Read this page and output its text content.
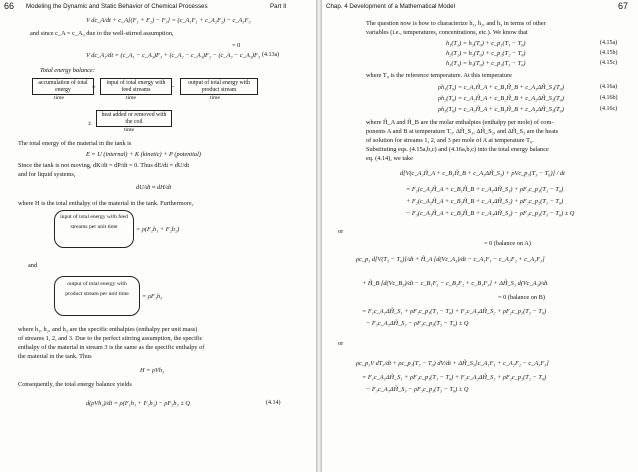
66 Modeling the Dynamic and Static Behavior of Chemical Processes	Part II
V dc_A/dt + c_A[(F₁ + F₂) − F₃] = (c_A₁F₁ + c_A₂F₂) − c_A₃F₃
and since c_A = c_A₃ due to the well-stirred assumption,
= 0
V dc_A₃/dt = (c_A₁ − c_A₃)F₁ + (c_A₂ − c_A₃)F₂ − (c_A₃ − c_A₃)F₃ (4.13a)
Total energy balance:
accumulation of total energy
time
=
input of total energy with feed streams
time
−
output of total energy with product stream
time
±
heat added or removed with the coil
time
The total energy of the material in the tank is
E = U (internal) + K (kinetic) + P (potential)
Since the tank is not moving, dK/dt = dP/dt = 0. Thus dE/dt = dU/dt
and for liquid systems,
dU/dt ≈ dH/dt
where H is the total enthalpy of the material in the tank. Furthermore,
input of total energy with feed streams per unit time	= ρ(F₁h₁ + F₂h₂)
and
output of total energy with product stream per unit time	= ρF₃h₃
where h₁, h₂, and h₃ are the specific enthalpies (enthalpy per unit mass)
of streams 1, 2, and 3. Due to the perfect stirring assumption, the specific
enthalpy of the material in stream 3 is the same as the specific enthalpy of
the material in the tank. Thus
H = ρVh₃
Consequently, the total energy balance yields
d(ρVh₃)/dt = ρ(F₁h₁ + F₂h₂) − ρF₃h₃ ± Q	(4.14)
Chap. 4 Development of a Mathematical Model	67
The question now is how to characterize h₁, h₂, and h₃ in terms of other
variables (i.e., temperatures, concentrations, etc.). We know that
h₁(T₁) = h₁(T₀) + c_p₁(T₁ − T₀)
h₂(T₂) = h₂(T₀) + c_p₂(T₂ − T₀)
h₃(T₃) = h₃(T₀) + c_p₃(T₃ − T₀)
(4.15a)
(4.15b)
(4.15c)
where T₀ is the reference temperature. At this temperature
ρh₁(T₀) = c_A₁H̃_A + c_B₁H̃_B + c_A₁ΔH̃_S₁(T₀)
ρh₂(T₀) = c_A₂H̃_A + c_B₂H̃_B + c_A₂ΔH̃_S₂(T₀)
ρh₃(T₀) = c_A₃H̃_A + c_B₃H̃_B + c_A₃ΔH̃_S₃(T₀)
(4.16a)
(4.16b)
(4.16c)
where H̃_A and H̃_B are the molar enthalpies (enthalpy per mole) of com-
ponents A and B at temperature T₀. ΔH̃_S₁, ΔH̃_S₂, and ΔH̃_S₃ are the heats
of solution for streams 1, 2, and 3 per mole of A at temperature T₀.
Substituting eqs. (4.15a,b,c) and (4.16a,b,c) into the total energy balance
eq. (4.14), we take
d[V(c_A₃H̃_A + c_B₃H̃_B + c_A₃ΔH̃_S₃) + ρVc_p₃(T₃ − T₀)] / dt
= F₁(c_A₁H̃_A + c_B₁H̃_B + c_A₁ΔH̃_S₁) + ρF₁c_p₁(T₁ − T₀)
+ F₂(c_A₂H̃_A + c_B₂H̃_B + c_A₂ΔH̃_S₂) + ρF₂c_p₂(T₂ − T₀)
− F₃(c_A₃H̃_A + c_B₃H̃_B + c_A₃ΔH̃_S₃) − ρF₃c_p₃(T₃ − T₀) ± Q
or
= 0 (balance on A)
ρc_p₃ d[V(T₃ − T₀)]/dt + H̃_A [d(Vc_A₃)/dt − c_A₁F₁ − c_A₂F₂ + c_A₃F₃]
+ H̃_B [d(Vc_B₃)/dt − c_B₁F₁ − c_B₂F₂ + c_B₃F₃] + ΔH̃_S₃ d(Vc_A₃)/dt
= 0 (balance on B)
= F₁c_A₁ΔH̃_S₁ + ρF₁c_p₁(T₁ − T₀) + F₂c_A₂ΔH̃_S₂ + ρF₂c_p₂(T₂ − T₀)
− F₃c_A₃ΔH̃_S₃ − ρF₃c_p₃(T₃ − T₀) ± Q
or
ρc_p₃V dT₃/dt + ρc_p₃(T₃ − T₀) dV/dt + ΔH̃_S₃[c_A₁F₁ + c_A₂F₂ − c_A₃F₃]
= F₁c_A₁ΔH̃_S₁ + ρF₁c_p₁(T₁ − T₀) + F₂c_A₂ΔH̃_S₂ + ρF₂c_p₂(T₂ − T₀)
− F₃c_A₃ΔH̃_S₃ − ρF₃c_p₃(T₃ − T₀) ± Q
